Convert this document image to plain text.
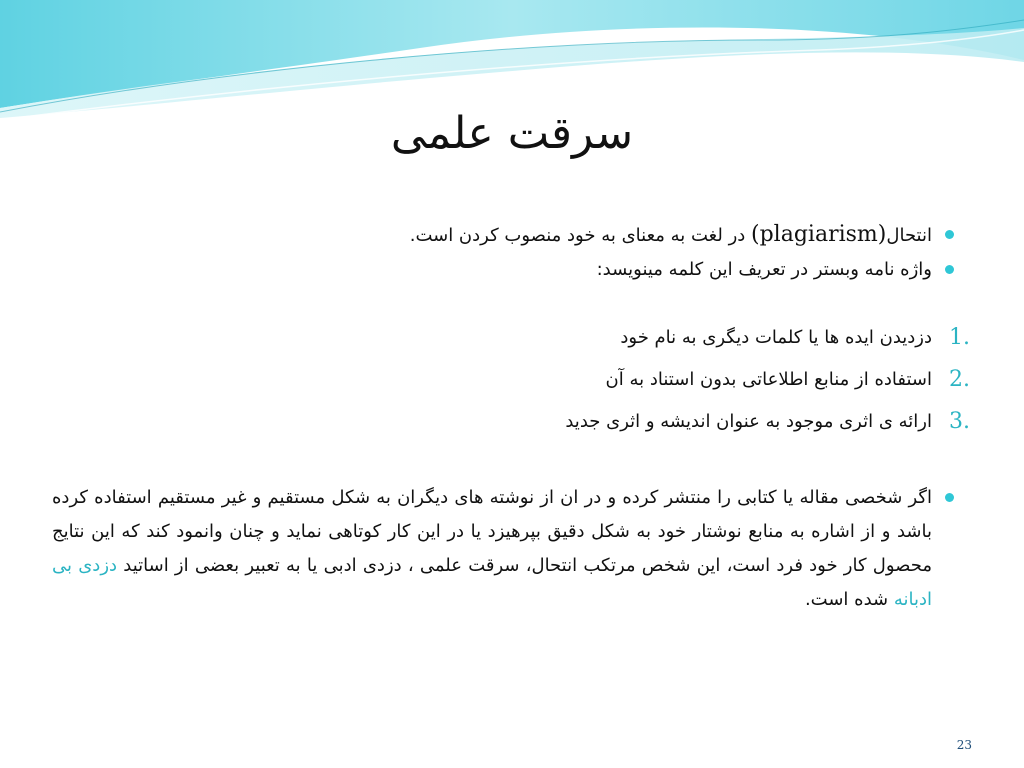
سرقت علمی

انتحال(plagiarism) در لغت به معنای به خود منصوب کردن است.

واژه نامه وبستر در تعریف این کلمه مینویسد:

1.
دزدیدن ایده ها یا کلمات دیگری به نام خود
2.
استفاده از منابع اطلاعاتی بدون استناد به آن
3.
ارائه ی اثری موجود به عنوان اندیشه و اثری جدید

اگر شخصی مقاله یا کتابی را منتشر کرده و در ان از نوشته های دیگران به شکل مستقیم و غیر مستقیم استفاده کرده باشد و از اشاره به منابع نوشتار خود به شکل دقیق بپرهیزد یا در این کار کوتاهی نماید و چنان وانمود کند که این نتایج محصول کار خود فرد است، این شخص مرتکب انتحال، سرقت علمی ، دزدی ادبی یا به تعبیر بعضی از اساتید دزدی بی ادبانه شده است.

23
